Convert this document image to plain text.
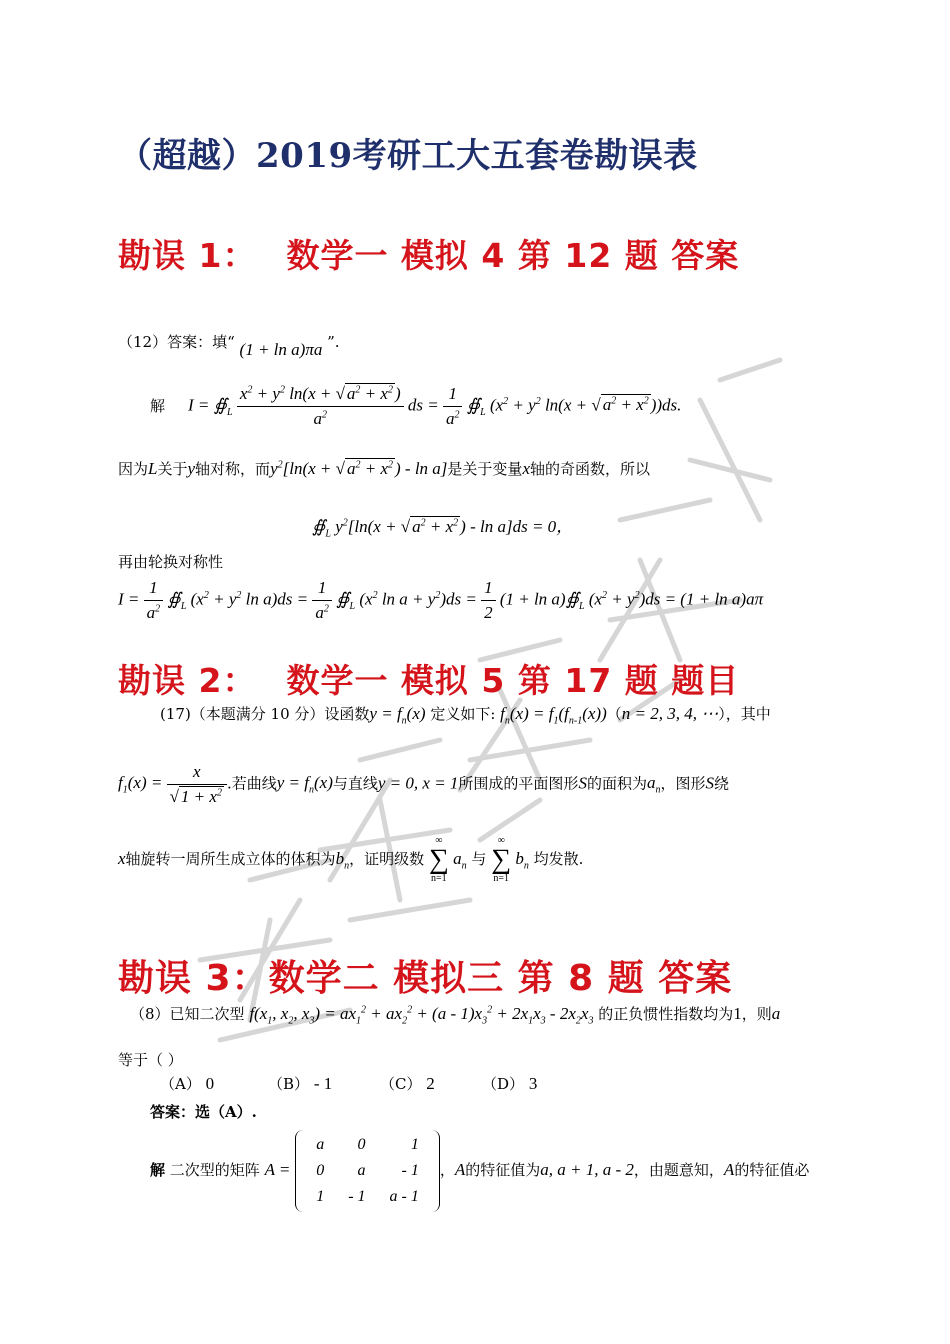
（超越）2019考研工大五套卷勘误表
勘误 1：　 数学一 模拟 4 第 12 题 答案
（12）答案：填“ (1 + ln a)πa ”.
解 $I = ∯_L \frac{x^2 + y^2 \ln(x + √ a^2 + x^2 )}{a^2}$ ds = $\frac{1}{a^2}$ $∯_L$ ($x^2 + y^2$ ln(x + √ $a^2 + x^2$ ))ds.
因为L关于y轴对称，而$y^2[\ln(x$ + √ $a^2 + x^2$ ) - ln a]是关于变量x轴的奇函数，所以
$∯_L$ $y^2[\ln(x$ + √ $a^2 + x^2$ ) - ln a]ds = 0，
再由轮换对称性
$I = \frac{1}{a^2}$ $∯_L$ ($x^2 + y^2$ $\ln a)ds = \frac{1}{a^2}$ $∯_L$ ($x^2$ $\ln a + y^2)ds = \frac{1}{2} (1 + \ln$ $a)∯_L$ $(x^2 + y^2)ds = (1 + \ln a)a\pi$
勘误 2：　 数学一 模拟 5 第 17 题 题目
(17)（本题满分 10 分）设函数$y = f_n(x)$ 定义如下: $f_n(x) = f_1(f_{n-1}(x))(n = 2$, 3, 4, ⋯），其中
$f_1(x) = \frac{x}{√ 1 + x^2}$ .若曲线$y = f_n(x)$与直线y = 0, x = 1所围成的平面图形S的面积为$a_n$，图形S绕
x轴旋转一周所生成立体的体积为$b_n$，证明级数
∞
∑
n=1
$a_n$ 与
∞
∑
n=1
$b_n$ 均发散.
勘误 3：数学二 模拟三 第 8 题 答案
（8）已知二次型 $f(x_1$, $x_2$, $x_3) = ax_1^2 + ax_2^2 + (a - 1)x_3^2 + 2x_1x_3 - 2x_2x_3$ 的正负惯性指数均为1，则a
等于（ ）
（A） 0	（B） - 1	（C） 2	（D） 3
答案：选（A）.
解 二次型的矩阵 A =
a	0	1
0	a	- 1
1	- 1	a - 1
，A的特征值为a, a + 1, a - 2，由题意知，A的特征值必
